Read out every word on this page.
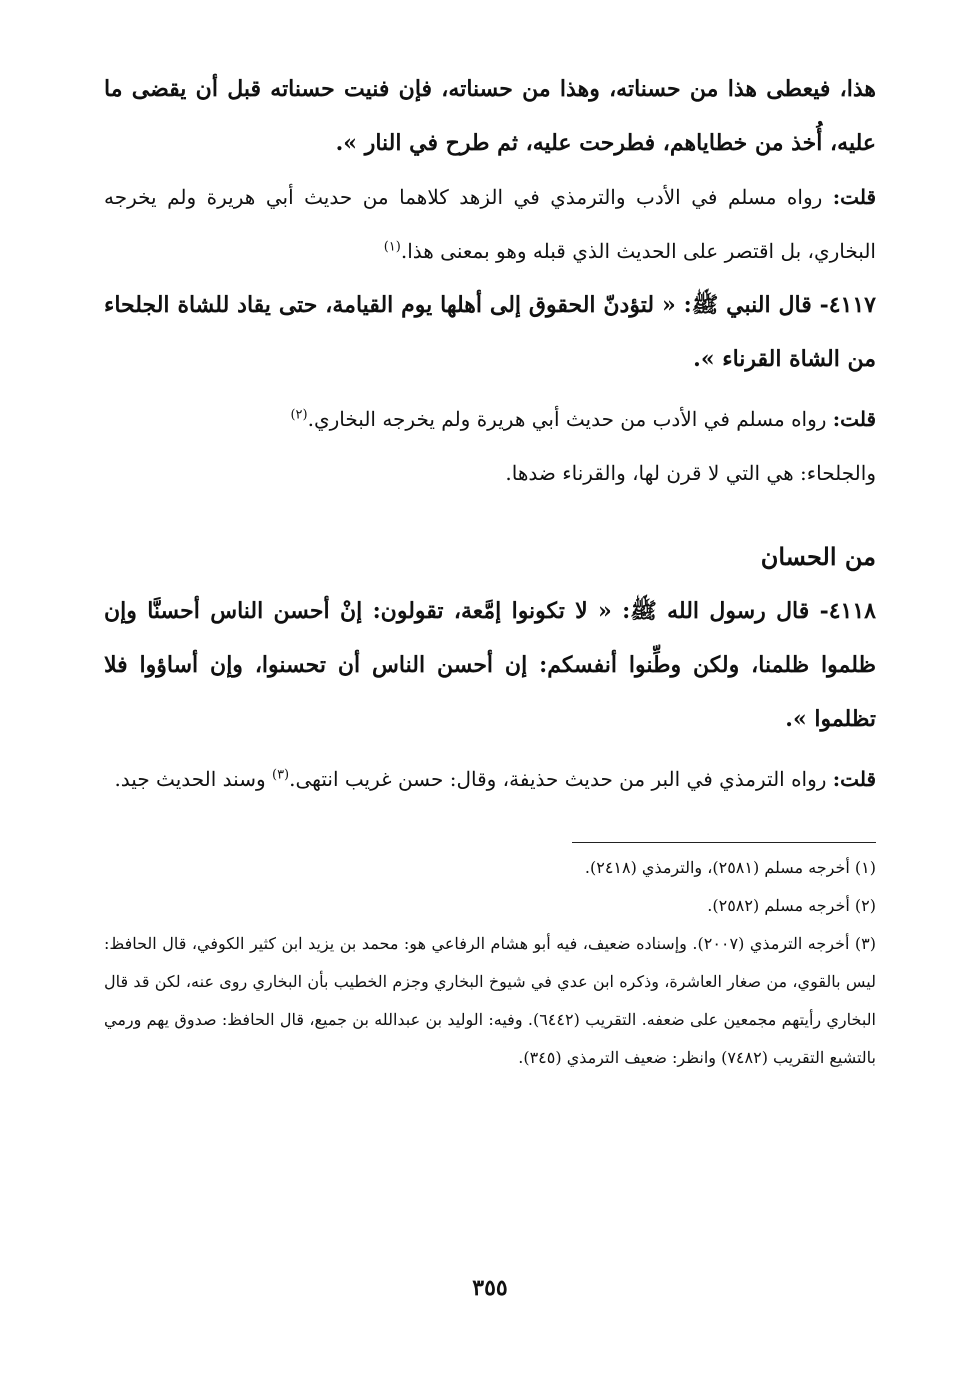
هذا، فيعطى هذا من حسناته، وهذا من حسناته، فإن فنيت حسناته قبل أن يقضى ما عليه، أُخذ من خطاياهم، فطرحت عليه، ثم طرح في النار ».

قلت: رواه مسلم في الأدب والترمذي في الزهد كلاهما من حديث أبي هريرة ولم يخرجه البخاري، بل اقتصر على الحديث الذي قبله وهو بمعنى هذا.$^{(١)}$

٤١١٧- قال النبي ﷺ: « لتؤدنّ الحقوق إلى أهلها يوم القيامة، حتى يقاد للشاة الجلحاء من الشاة القرناء ».

قلت: رواه مسلم في الأدب من حديث أبي هريرة ولم يخرجه البخاري.$^{(٢)}$

والجلحاء: هي التي لا قرن لها، والقرناء ضدها.

من الحسان

٤١١٨- قال رسول الله ﷺ: « لا تكونوا إمَّعة، تقولون: إنْ أحسن الناس أحسنَّا وإن ظلموا ظلمنا، ولكن وطِّنوا أنفسكم: إن أحسن الناس أن تحسنوا، وإن أساؤوا فلا تظلموا ».

قلت: رواه الترمذي في البر من حديث حذيفة، وقال: حسن غريب انتهى.$^{(٣)}$ وسند الحديث جيد.

(١) أخرجه مسلم (٢٥٨١)، والترمذي (٢٤١٨).

(٢) أخرجه مسلم (٢٥٨٢).

(٣) أخرجه الترمذي (٢٠٠٧). وإسناده ضعيف، فيه أبو هشام الرفاعي هو: محمد بن يزيد ابن كثير الكوفي، قال الحافظ: ليس بالقوي، من صغار العاشرة، وذكره ابن عدي في شيوخ البخاري وجزم الخطيب بأن البخاري روى عنه، لكن قد قال البخاري رأيتهم مجمعين على ضعفه. التقريب (٦٤٤٢). وفيه: الوليد بن عبدالله بن جميع، قال الحافظ: صدوق يهم ورمي بالتشيع التقريب (٧٤٨٢) وانظر: ضعيف الترمذي (٣٤٥).

٣٥٥
